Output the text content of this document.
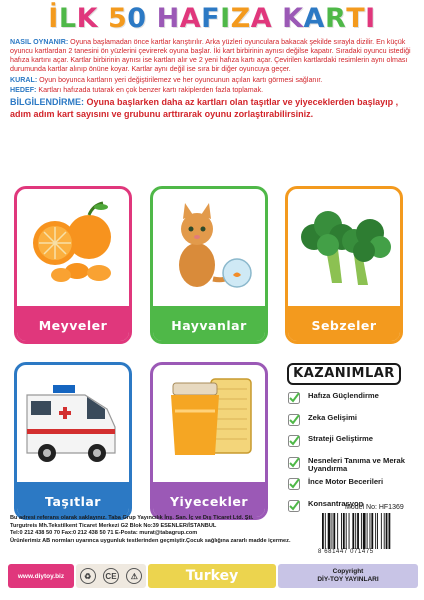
İLK 50 HAFIZA KARTI

NASIL OYNANIR: Oyuna başlamadan önce kartlar karıştırılır. Arka yüzleri oyunculara bakacak şekilde sırayla dizilir. En küçük oyuncu kartlardan 2 tanesini ön yüzlerini çevirerek oyuna başlar. İki kart birbirinin aynısı değilse kapatır. Sıradaki oyuncu istediği hafıza kartını açar. Kartlar birbirinin aynısı ise kartları alır ve 2 yeni hafıza kartı açar. Çevirilen kartlardaki resimlerin aynı olması durumunda kartlar alınıp önüne koyar. Kartlar aynı değil ise sıra bir diğer oyuncuya geçer.

KURAL: Oyun boyunca kartların yeri değiştirilemez ve her oyuncunun açılan kartı görmesi sağlanır.

HEDEF: Kartları hafızada tutarak en çok benzer kartı rakiplerden fazla toplamak.

BİLGİLENDİRME: Oyuna başlarken daha az kartları olan taşıtlar ve yiyeceklerden başlayıp , adım adım kart sayısını ve grubunu arttırarak oyunu zorlaştırabilirsiniz.

Meyveler	Hayvanlar	Sebzeler
Taşıtlar	Yiyecekler
KAZANIMLAR
Hafıza Güçlendirme
Zeka Gelişimi
Strateji Geliştirme
Nesneleri Tanıma ve Merak Uyandırma
İnce Motor Becerileri
Konsantrasyon
Model No: HF1369
Bu adresi referans olarak saklayınız. Taba Grup Yayıncılık İnş. San. İç ve Dış Ticaret Ltd. Şti.
Turgutreis Mh.Tekstilkent Ticaret Merkezi G2 Blok No:39 ESENLER/İSTANBUL
Tel:0 212 438 50 70 Fax:0 212 438 50 71 E-Posta: murat@tabagrup.com
Ürünlerimiz AB normları uyarınca uygunluk testlerinden geçmiştir.Çocuk sağlığına zararlı madde içermez.
8 681447 071475
www.diytoy.biz	♻	CE	⚠	Turkey	Copyright
DİY-TOY YAYINLARI
